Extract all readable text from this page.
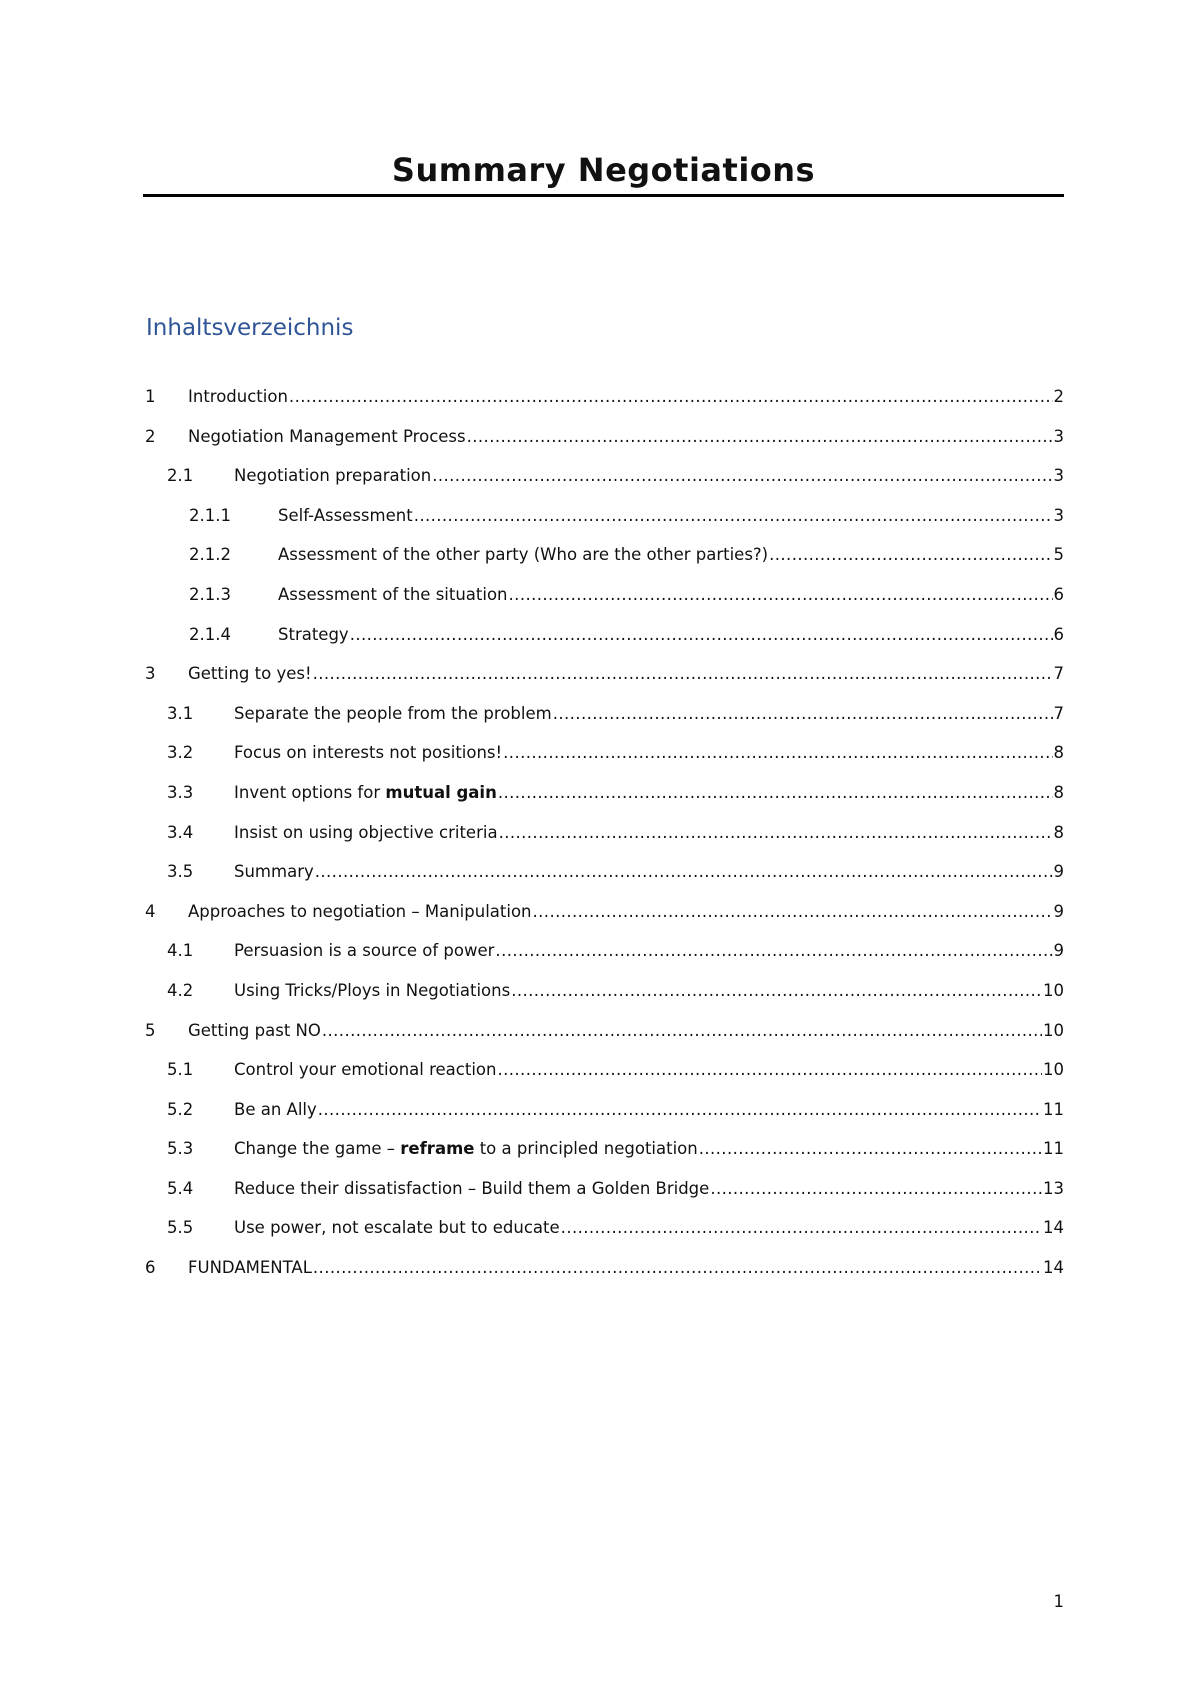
Summary Negotiations
Inhaltsverzeichnis
1	Introduction .....	2
2	Negotiation Management Process .....	3
2.1	Negotiation preparation .....	3
2.1.1	Self-Assessment .....	3
2.1.2	Assessment of the other party (Who are the other parties?) .....	5
2.1.3	Assessment of the situation .....	6
2.1.4	Strategy .....	6
3	Getting to yes! .....	7
3.1	Separate the people from the problem .....	7
3.2	Focus on interests not positions! .....	8
3.3	Invent options for mutual gain .....	8
3.4	Insist on using objective criteria .....	8
3.5	Summary .....	9
4	Approaches to negotiation – Manipulation .....	9
4.1	Persuasion is a source of power .....	9
4.2	Using Tricks/Ploys in Negotiations .....	10
5	Getting past NO .....	10
5.1	Control your emotional reaction .....	10
5.2	Be an Ally .....	11
5.3	Change the game – reframe to a principled negotiation .....	11
5.4	Reduce their dissatisfaction – Build them a Golden Bridge .....	13
5.5	Use power, not escalate but to educate .....	14
6	FUNDAMENTAL .....	14
1
